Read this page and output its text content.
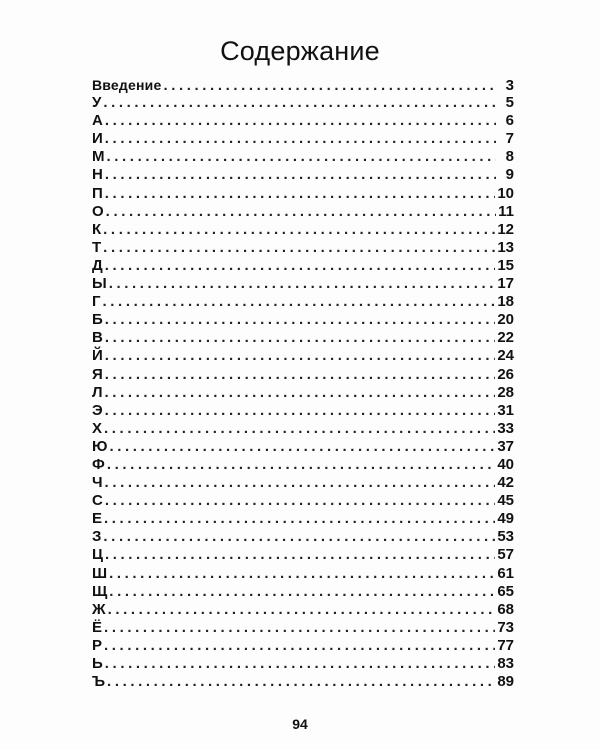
Содержание
Введение .....	3
У .....	5
А .....	6
И .....	7
М .....	8
Н .....	9
П .....	10
О .....	11
К .....	12
Т .....	13
Д .....	15
Ы .....	17
Г .....	18
Б .....	20
В .....	22
Й .....	24
Я .....	26
Л .....	28
Э .....	31
Х .....	33
Ю .....	37
Ф .....	40
Ч .....	42
С .....	45
Е .....	49
З .....	53
Ц .....	57
Ш .....	61
Щ .....	65
Ж .....	68
Ё .....	73
Р .....	77
Ь .....	83
Ъ .....	89
94
